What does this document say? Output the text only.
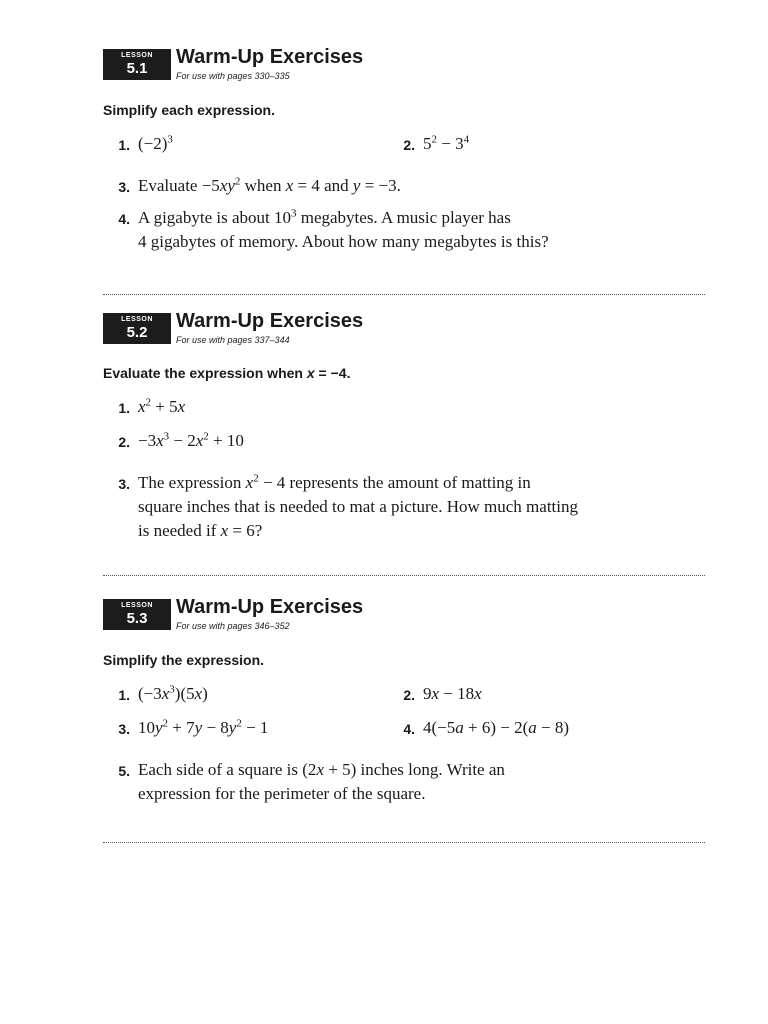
LESSON
5.1
Warm-Up Exercises
For use with pages 330–335
Simplify each expression.
1. $(-2)^3$	2. $5^2 - 3^4$
3. Evaluate $-5xy^2$ when x = 4 and y = −3.
4. A gigabyte is about $10^3$ megabytes. A music player has
4 gigabytes of memory. About how many megabytes is this?
LESSON
5.2
Warm-Up Exercises
For use with pages 337–344
Evaluate the expression when x = −4.
1. $x^2 + 5x$
2. $-3x^3 - 2x^2 + 10$
3. The expression $x^2 - 4$ represents the amount of matting in
square inches that is needed to mat a picture. How much matting
is needed if x = 6?
LESSON
5.3
Warm-Up Exercises
For use with pages 346–352
Simplify the expression.
1. $(-3x^3)(5x)$	2. 9x − 18x
3. $10y^2 + 7y - 8y^2 - 1$	4. 4(−5a + 6) − 2(a − 8)
5. Each side of a square is (2x + 5) inches long. Write an
expression for the perimeter of the square.
